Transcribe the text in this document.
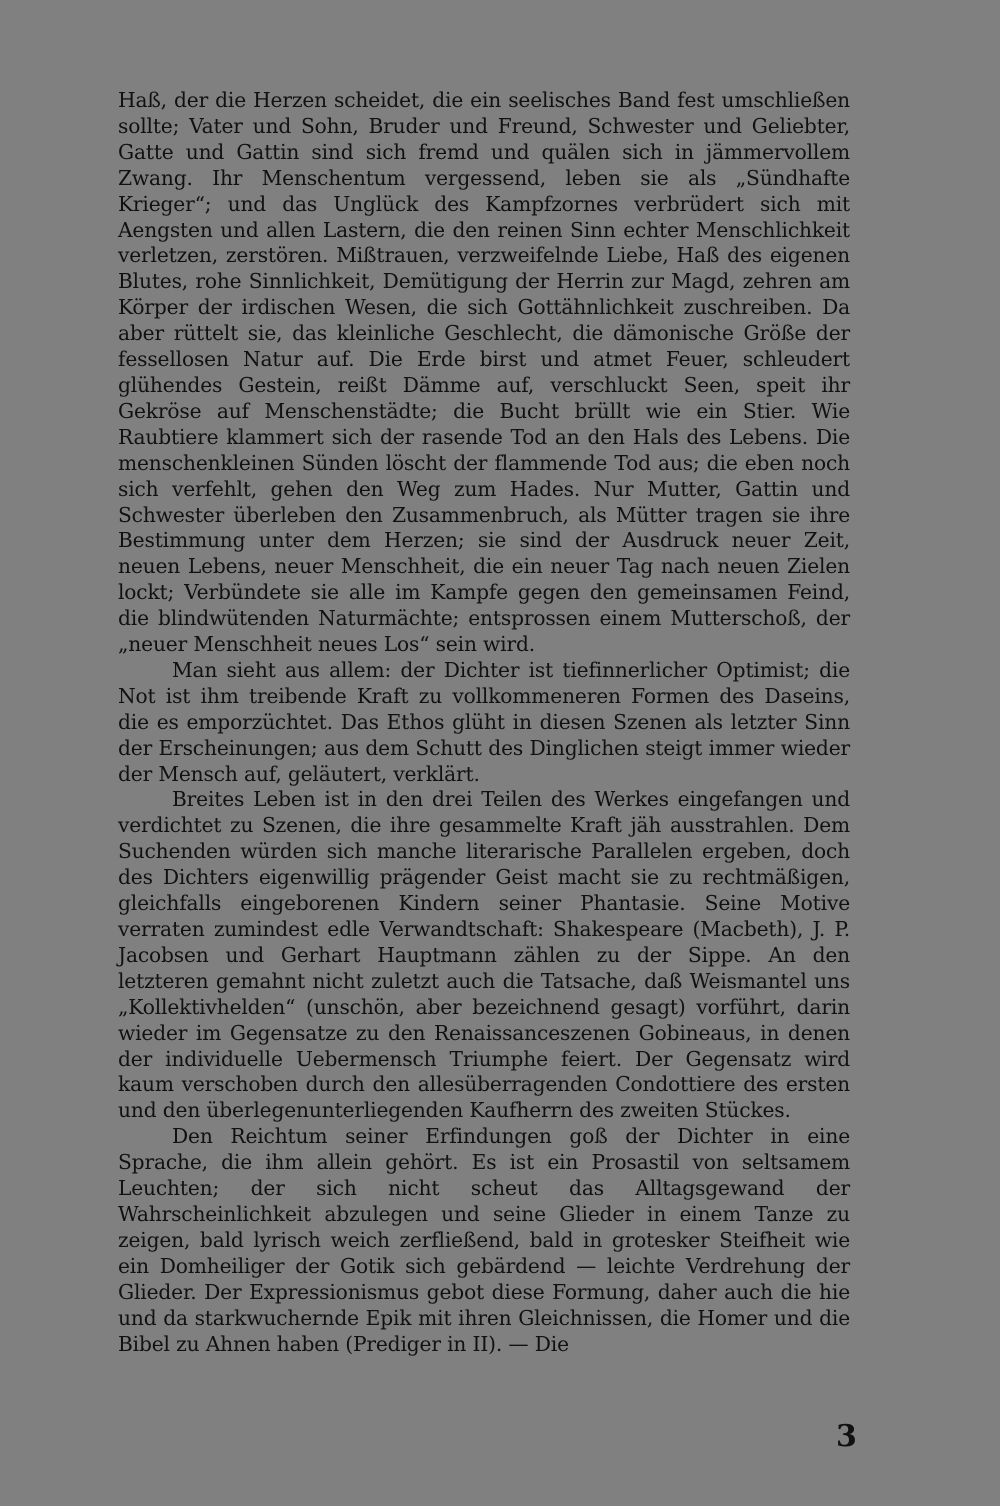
Haß, der die Herzen scheidet, die ein seelisches Band fest umschließen sollte; Vater und Sohn, Bruder und Freund, Schwester und Geliebter, Gatte und Gattin sind sich fremd und quälen sich in jämmervollem Zwang. Ihr Menschentum vergessend, leben sie als „Sündhafte Krieger“; und das Unglück des Kampfzornes verbrüdert sich mit Aengsten und allen Lastern, die den reinen Sinn echter Menschlichkeit verletzen, zerstören. Mißtrauen, verzweifelnde Liebe, Haß des eigenen Blutes, rohe Sinnlichkeit, Demütigung der Herrin zur Magd, zehren am Körper der irdischen Wesen, die sich Gottähnlichkeit zuschreiben. Da aber rüttelt sie, das kleinliche Geschlecht, die dämonische Größe der fessellosen Natur auf. Die Erde birst und atmet Feuer, schleudert glühendes Gestein, reißt Dämme auf, verschluckt Seen, speit ihr Gekröse auf Menschenstädte; die Bucht brüllt wie ein Stier. Wie Raubtiere klammert sich der rasende Tod an den Hals des Lebens. Die menschenkleinen Sünden löscht der flammende Tod aus; die eben noch sich verfehlt, gehen den Weg zum Hades. Nur Mutter, Gattin und Schwester überleben den Zusammenbruch, als Mütter tragen sie ihre Bestimmung unter dem Herzen; sie sind der Ausdruck neuer Zeit, neuen Lebens, neuer Menschheit, die ein neuer Tag nach neuen Zielen lockt; Verbündete sie alle im Kampfe gegen den gemeinsamen Feind, die blindwütenden Naturmächte; entsprossen einem Mutterschoß, der „neuer Menschheit neues Los“ sein wird.

Man sieht aus allem: der Dichter ist tiefinnerlicher Optimist; die Not ist ihm treibende Kraft zu vollkommeneren Formen des Daseins, die es emporzüchtet. Das Ethos glüht in diesen Szenen als letzter Sinn der Erscheinungen; aus dem Schutt des Dinglichen steigt immer wieder der Mensch auf, geläutert, verklärt.

Breites Leben ist in den drei Teilen des Werkes eingefangen und verdichtet zu Szenen, die ihre gesammelte Kraft jäh ausstrahlen. Dem Suchenden würden sich manche literarische Parallelen ergeben, doch des Dichters eigenwillig prägender Geist macht sie zu rechtmäßigen, gleichfalls eingeborenen Kindern seiner Phantasie. Seine Motive verraten zumindest edle Verwandtschaft: Shakespeare (Macbeth), J. P. Jacobsen und Gerhart Hauptmann zählen zu der Sippe. An den letzteren gemahnt nicht zuletzt auch die Tatsache, daß Weismantel uns „Kollektivhelden“ (unschön, aber bezeichnend gesagt) vorführt, darin wieder im Gegensatze zu den Renaissanceszenen Gobineaus, in denen der individuelle Uebermensch Triumphe feiert. Der Gegensatz wird kaum verschoben durch den allesüberragenden Condottiere des ersten und den überlegenunterliegenden Kaufherrn des zweiten Stückes.

Den Reichtum seiner Erfindungen goß der Dichter in eine Sprache, die ihm allein gehört. Es ist ein Prosastil von seltsamem Leuchten; der sich nicht scheut das Alltagsgewand der Wahrscheinlichkeit abzulegen und seine Glieder in einem Tanze zu zeigen, bald lyrisch weich zerfließend, bald in grotesker Steifheit wie ein Domheiliger der Gotik sich gebärdend — leichte Verdrehung der Glieder. Der Expressionismus gebot diese Formung, daher auch die hie und da starkwuchernde Epik mit ihren Gleichnissen, die Homer und die Bibel zu Ahnen haben (Prediger in II). — Die

3
